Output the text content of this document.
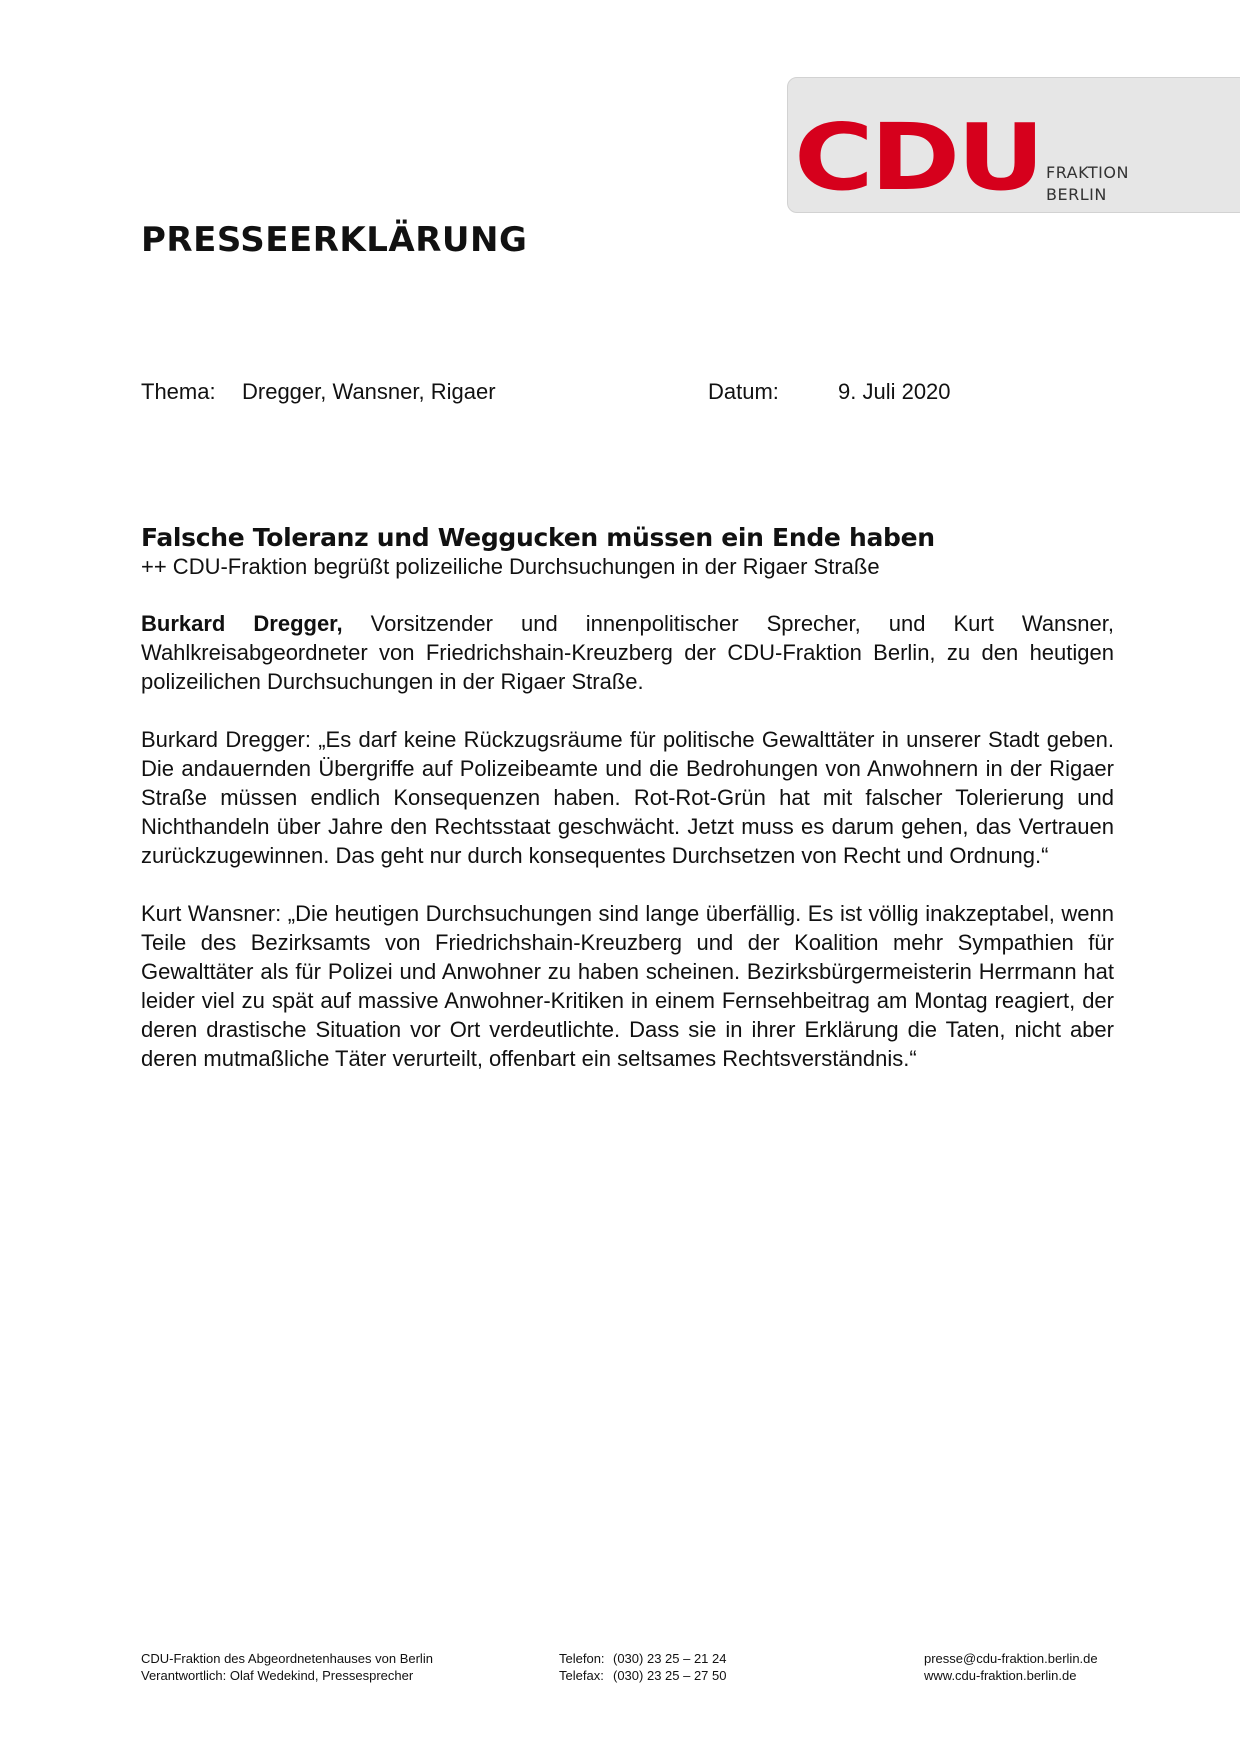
CDU FRAKTION
BERLIN
PRESSEERKLÄRUNG
Thema: Dregger, Wansner, Rigaer	Datum:	9. Juli 2020
Falsche Toleranz und Weggucken müssen ein Ende haben

++ CDU-Fraktion begrüßt polizeiliche Durchsuchungen in der Rigaer Straße

Burkard Dregger, Vorsitzender und innenpolitischer Sprecher, und Kurt Wansner, Wahlkreisabgeordneter von Friedrichshain-Kreuzberg der CDU-Fraktion Berlin, zu den heutigen polizeilichen Durchsuchungen in der Rigaer Straße.

Burkard Dregger: „Es darf keine Rückzugsräume für politische Gewalttäter in unserer Stadt geben. Die andauernden Übergriffe auf Polizeibeamte und die Bedrohungen von Anwohnern in der Rigaer Straße müssen endlich Konsequenzen haben. Rot-Rot-Grün hat mit falscher Tolerierung und Nichthandeln über Jahre den Rechtsstaat geschwächt. Jetzt muss es darum gehen, das Vertrauen zurückzugewinnen. Das geht nur durch konsequentes Durchsetzen von Recht und Ordnung.“

Kurt Wansner: „Die heutigen Durchsuchungen sind lange überfällig. Es ist völlig inakzeptabel, wenn Teile des Bezirksamts von Friedrichshain-Kreuzberg und der Koalition mehr Sympathien für Gewalttäter als für Polizei und Anwohner zu haben scheinen. Bezirksbürgermeisterin Herrmann hat leider viel zu spät auf massive Anwohner-Kritiken in einem Fernsehbeitrag am Montag reagiert, der deren drastische Situation vor Ort verdeutlichte. Dass sie in ihrer Erklärung die Taten, nicht aber deren mutmaßliche Täter verurteilt, offenbart ein seltsames Rechtsverständnis.“

CDU-Fraktion des Abgeordnetenhauses von Berlin
Verantwortlich: Olaf Wedekind, Pressesprecher
Telefon: (030) 23 25 – 21 24
Telefax: (030) 23 25 – 27 50
presse@cdu-fraktion.berlin.de
www.cdu-fraktion.berlin.de
